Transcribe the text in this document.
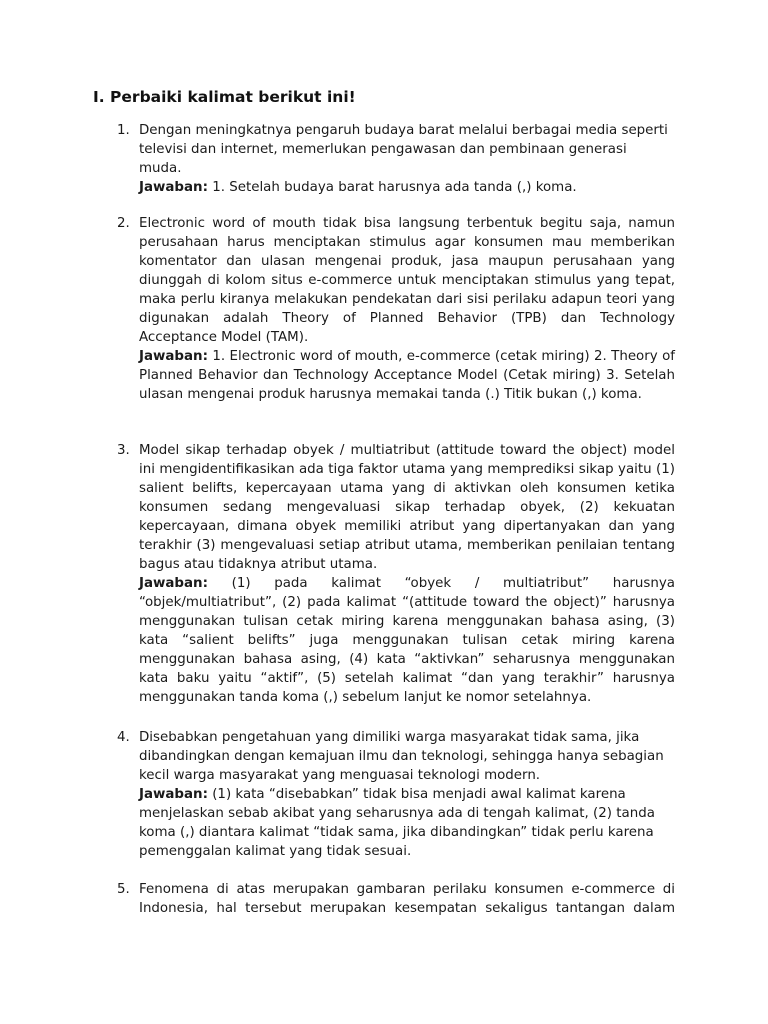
I. Perbaiki kalimat berikut ini!
1. Dengan meningkatnya pengaruh budaya barat melalui berbagai media seperti televisi dan internet, memerlukan pengawasan dan pembinaan generasi muda.

Jawaban: 1. Setelah budaya barat harusnya ada tanda (,) koma.

2. Electronic word of mouth tidak bisa langsung terbentuk begitu saja, namun perusahaan harus menciptakan stimulus agar konsumen mau memberikan komentator dan ulasan mengenai produk, jasa maupun perusahaan yang diunggah di kolom situs e-commerce untuk menciptakan stimulus yang tepat, maka perlu kiranya melakukan pendekatan dari sisi perilaku adapun teori yang digunakan adalah Theory of Planned Behavior (TPB) dan Technology Acceptance Model (TAM).

Jawaban: 1. Electronic word of mouth, e-commerce (cetak miring) 2. Theory of Planned Behavior dan Technology Acceptance Model (Cetak miring) 3. Setelah ulasan mengenai produk harusnya memakai tanda (.) Titik bukan (,) koma.

3. Model sikap terhadap obyek / multiatribut (attitude toward the object) model ini mengidentifikasikan ada tiga faktor utama yang memprediksi sikap yaitu (1) salient belifts, kepercayaan utama yang di aktivkan oleh konsumen ketika konsumen sedang mengevaluasi sikap terhadap obyek, (2) kekuatan kepercayaan, dimana obyek memiliki atribut yang dipertanyakan dan yang terakhir (3) mengevaluasi setiap atribut utama, memberikan penilaian tentang bagus atau tidaknya atribut utama.

Jawaban: (1) pada kalimat “obyek / multiatribut” harusnya “objek/multiatribut”, (2) pada kalimat “(attitude toward the object)” harusnya menggunakan tulisan cetak miring karena menggunakan bahasa asing, (3) kata “salient belifts” juga menggunakan tulisan cetak miring karena menggunakan bahasa asing, (4) kata “aktivkan” seharusnya menggunakan kata baku yaitu “aktif”, (5) setelah kalimat “dan yang terakhir” harusnya menggunakan tanda koma (,) sebelum lanjut ke nomor setelahnya.

4. Disebabkan pengetahuan yang dimiliki warga masyarakat tidak sama, jika dibandingkan dengan kemajuan ilmu dan teknologi, sehingga hanya sebagian kecil warga masyarakat yang menguasai teknologi modern.

Jawaban: (1) kata “disebabkan” tidak bisa menjadi awal kalimat karena menjelaskan sebab akibat yang seharusnya ada di tengah kalimat, (2) tanda koma (,) diantara kalimat “tidak sama, jika dibandingkan” tidak perlu karena pemenggalan kalimat yang tidak sesuai.

5. Fenomena di atas merupakan gambaran perilaku konsumen e-commerce di Indonesia, hal tersebut merupakan kesempatan sekaligus tantangan dalam
